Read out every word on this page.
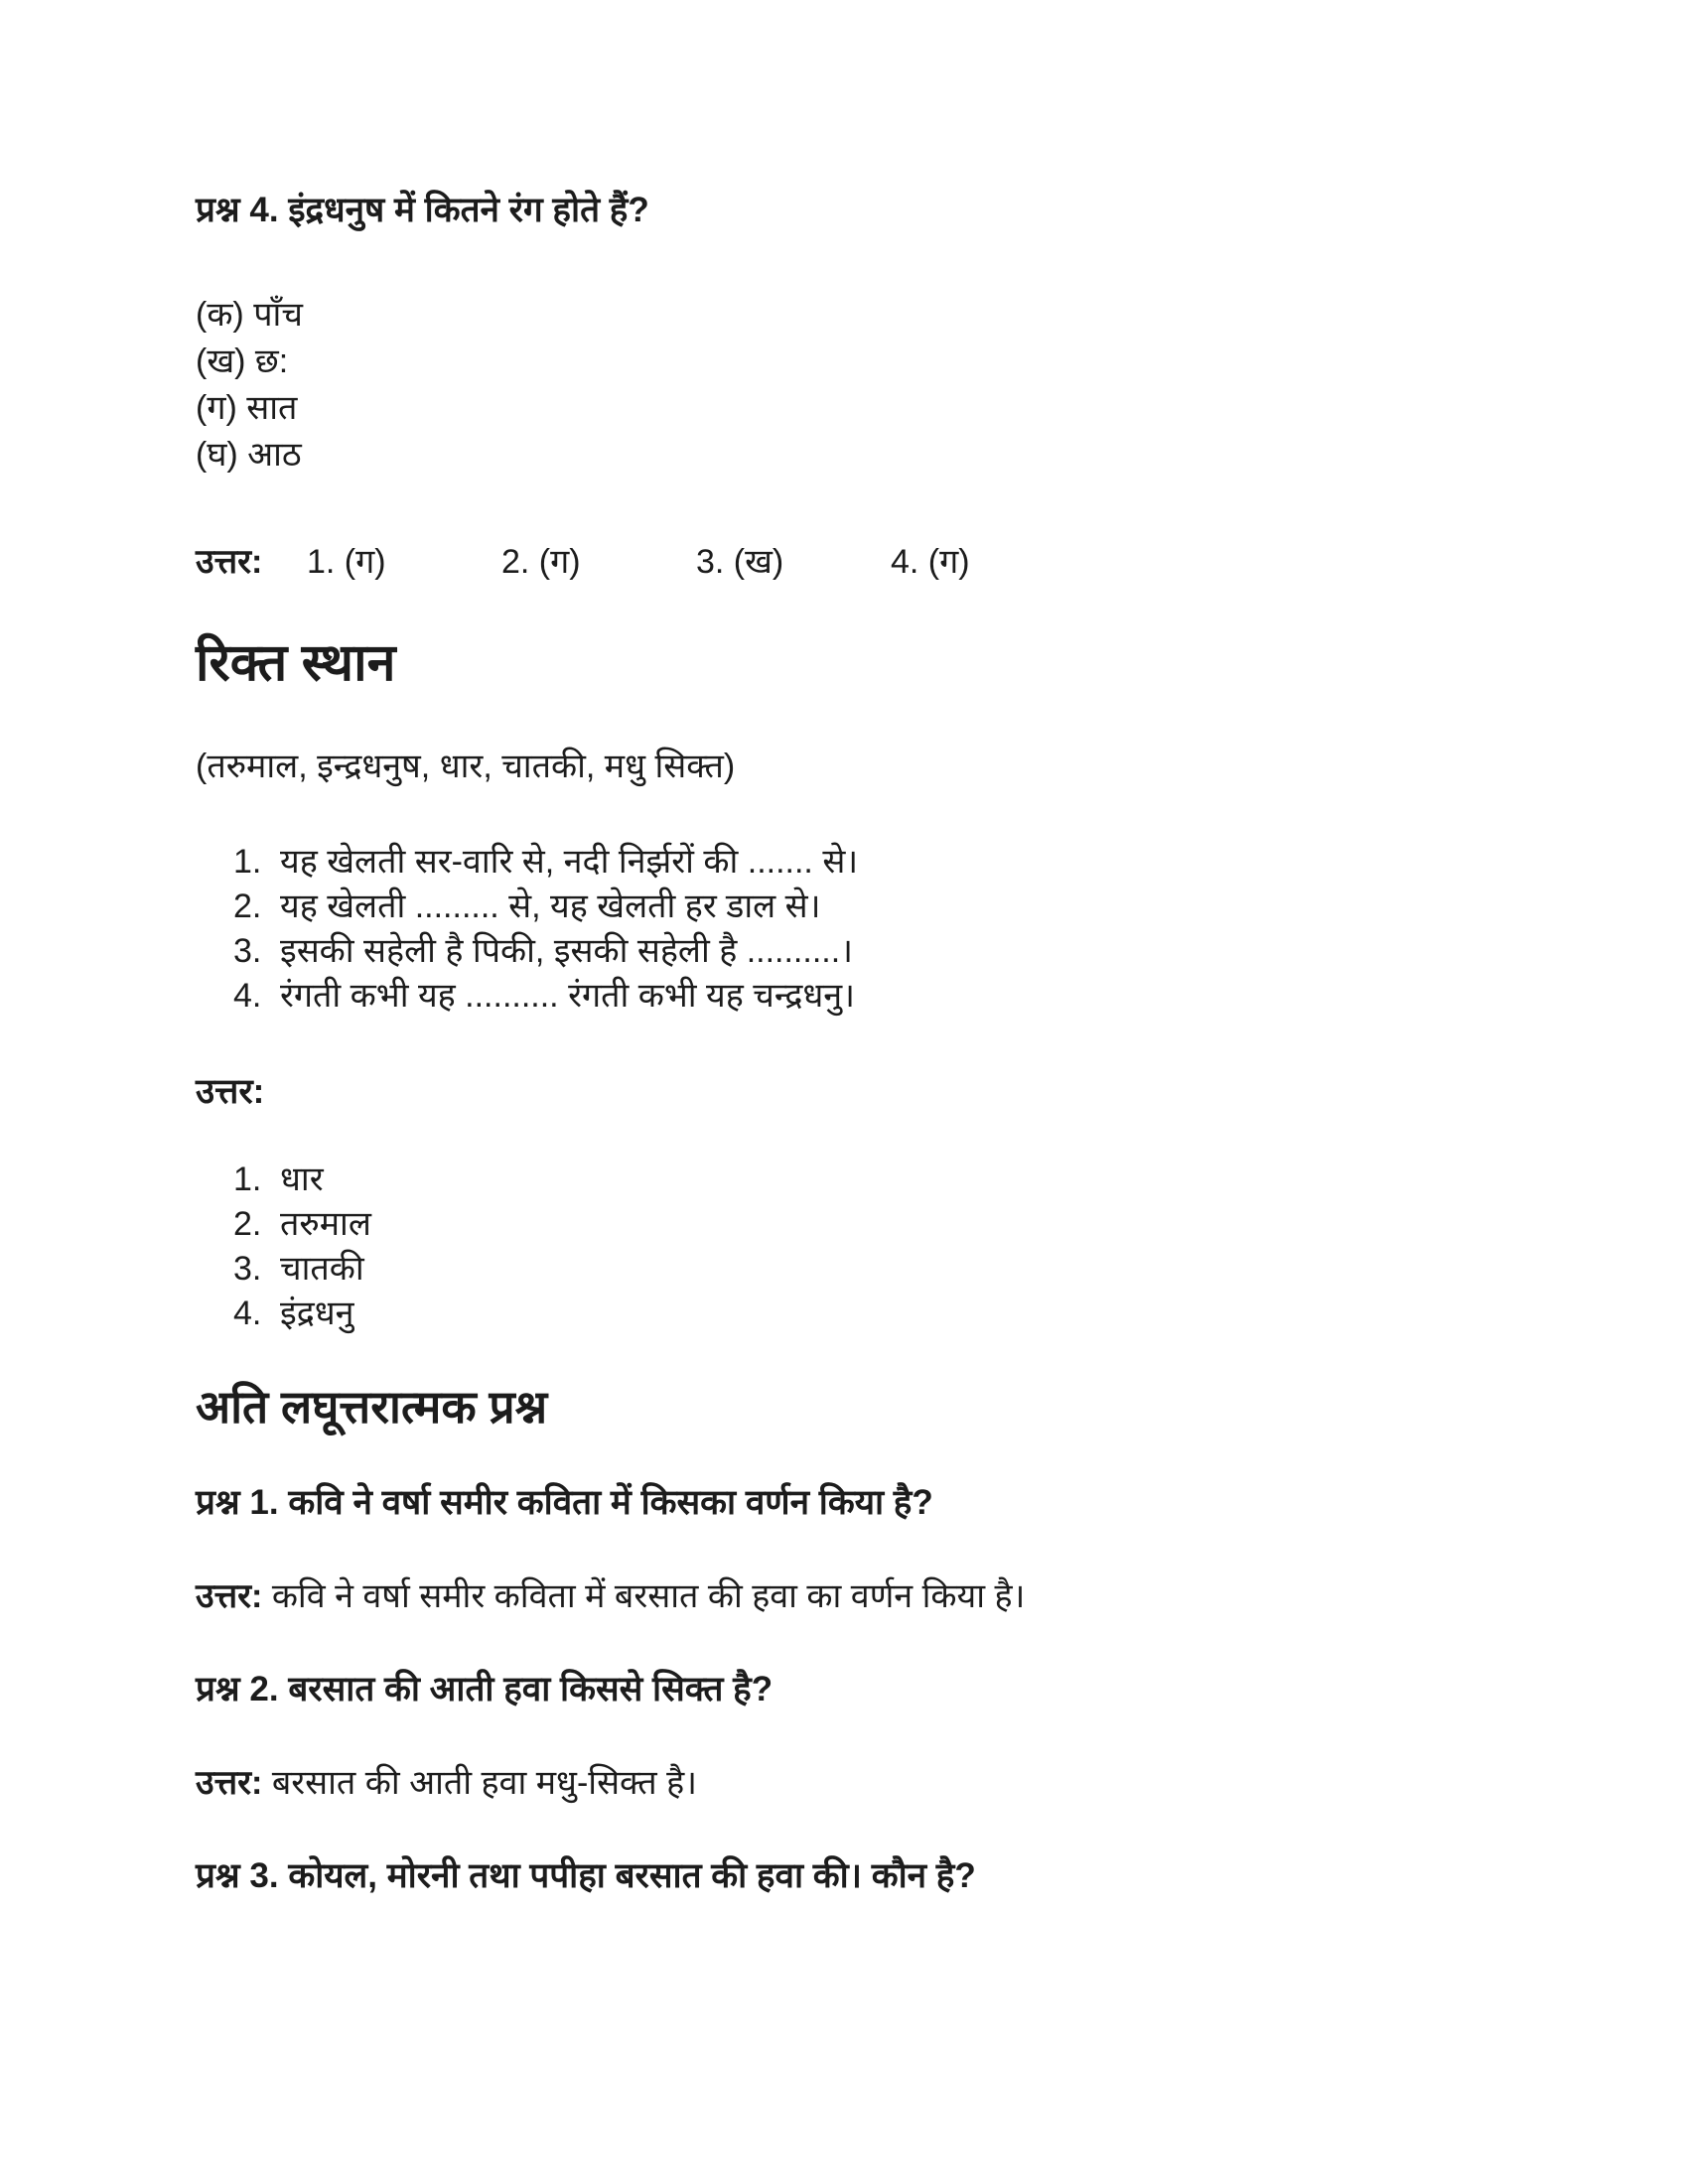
प्रश्न 4. इंद्रधनुष में कितने रंग होते हैं?
(क) पाँच
(ख) छ:
(ग) सात
(घ) आठ
उत्तर:	1. (ग)	2. (ग)	3. (ख)	4. (ग)
रिक्त स्थान
(तरुमाल, इन्द्रधनुष, धार, चातकी, मधु सिक्त)
1. यह खेलती सर-वारि से, नदी निर्झरों की ....... से।
2. यह खेलती ......... से, यह खेलती हर डाल से।
3. इसकी सहेली है पिकी, इसकी सहेली है ..........।
4. रंगती कभी यह .......... रंगती कभी यह चन्द्रधनु।
उत्तर:
1. धार
2. तरुमाल
3. चातकी
4. इंद्रधनु
अति लघूत्तरात्मक प्रश्न
प्रश्न 1. कवि ने वर्षा समीर कविता में किसका वर्णन किया है?
उत्तर: कवि ने वर्षा समीर कविता में बरसात की हवा का वर्णन किया है।
प्रश्न 2. बरसात की आती हवा किससे सिक्त है?
उत्तर: बरसात की आती हवा मधु-सिक्त है।
प्रश्न 3. कोयल, मोरनी तथा पपीहा बरसात की हवा की। कौन है?
